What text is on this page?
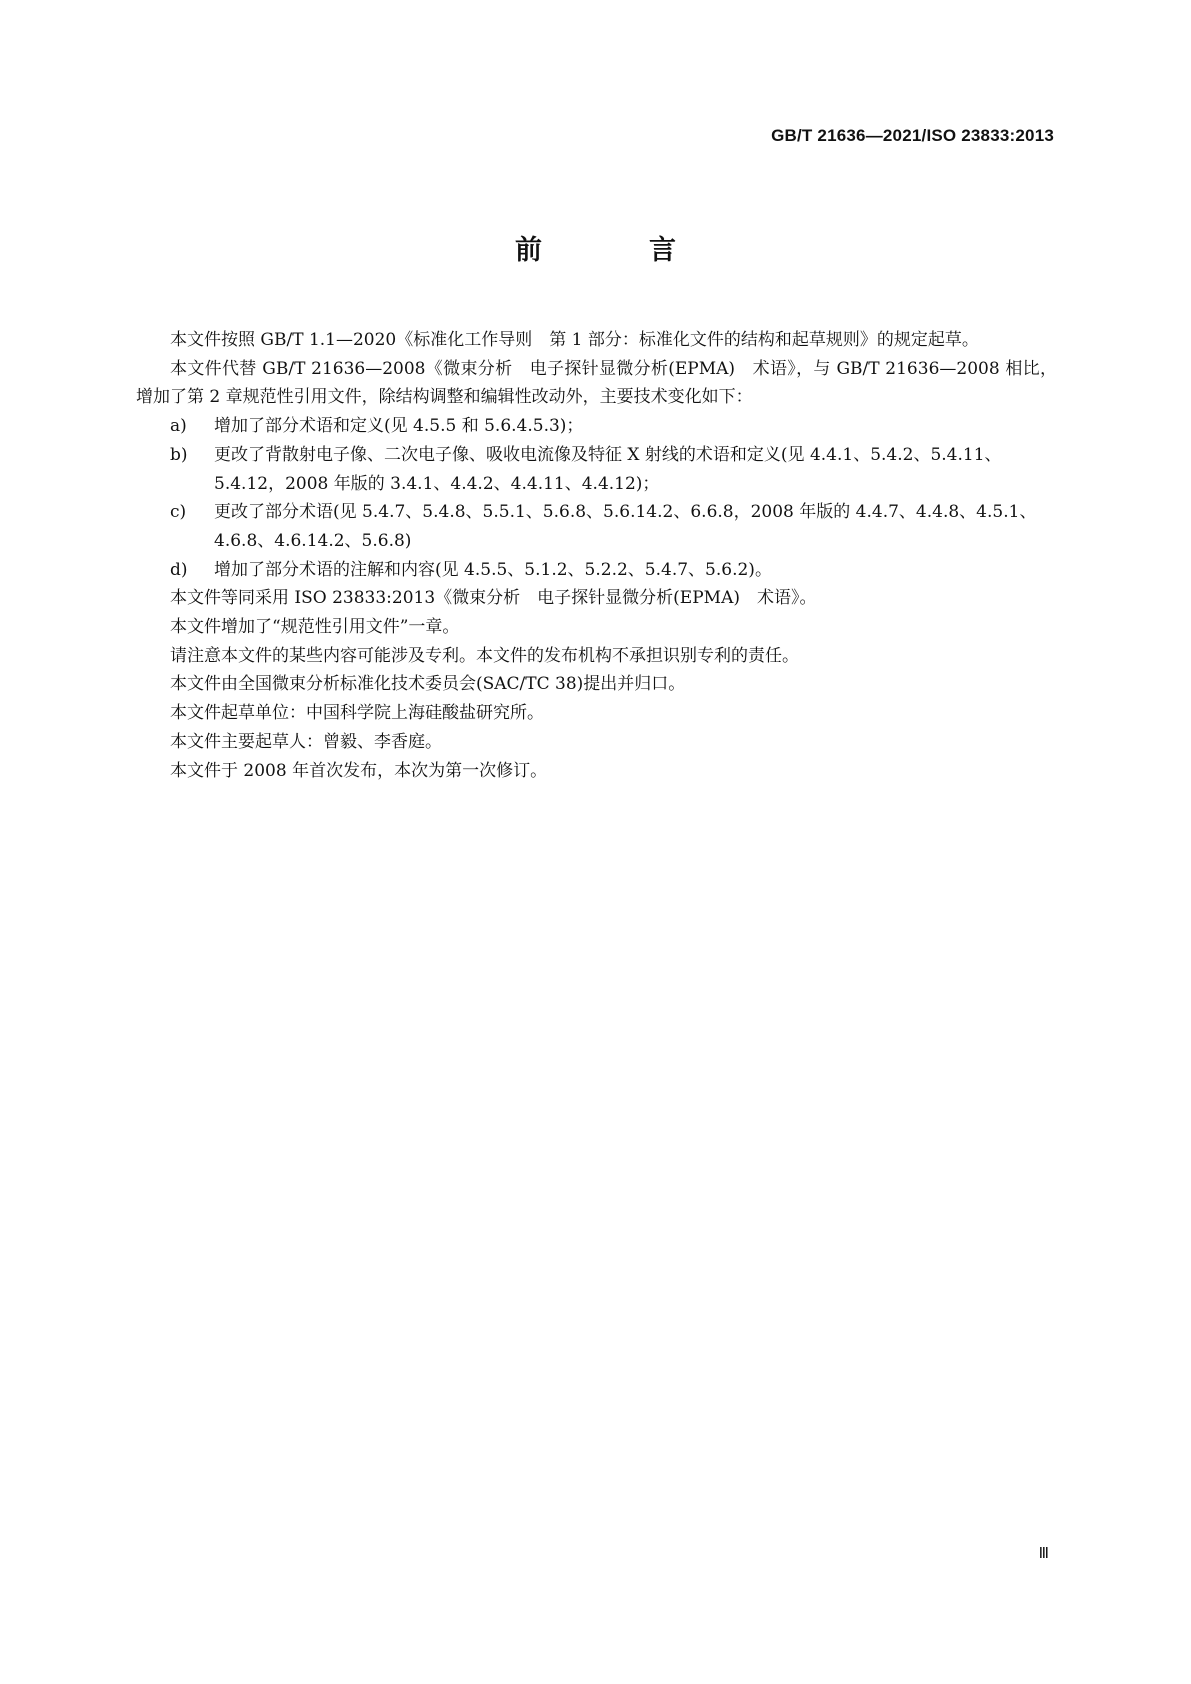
GB/T 21636—2021/ISO 23833:2013
前　言

本文件按照 GB/T 1.1—2020《标准化工作导则　第 1 部分：标准化文件的结构和起草规则》的规定起草。

本文件代替 GB/T 21636—2008《微束分析　电子探针显微分析(EPMA)　术语》，与 GB/T 21636—2008 相比，增加了第 2 章规范性引用文件，除结构调整和编辑性改动外，主要技术变化如下：

a)	增加了部分术语和定义(见 4.5.5 和 5.6.4.5.3)；
b)	更改了背散射电子像、二次电子像、吸收电流像及特征 X 射线的术语和定义(见 4.4.1、5.4.2、5.4.11、5.4.12，2008 年版的 3.4.1、4.4.2、4.4.11、4.4.12)；
c)	更改了部分术语(见 5.4.7、5.4.8、5.5.1、5.6.8、5.6.14.2、6.6.8，2008 年版的 4.4.7、4.4.8、4.5.1、4.6.8、4.6.14.2、5.6.8)
d)	增加了部分术语的注解和内容(见 4.5.5、5.1.2、5.2.2、5.4.7、5.6.2)。

本文件等同采用 ISO 23833:2013《微束分析　电子探针显微分析(EPMA)　术语》。

本文件增加了“规范性引用文件”一章。

请注意本文件的某些内容可能涉及专利。本文件的发布机构不承担识别专利的责任。

本文件由全国微束分析标准化技术委员会(SAC/TC 38)提出并归口。

本文件起草单位：中国科学院上海硅酸盐研究所。

本文件主要起草人：曾毅、李香庭。

本文件于 2008 年首次发布，本次为第一次修订。

Ⅲ
